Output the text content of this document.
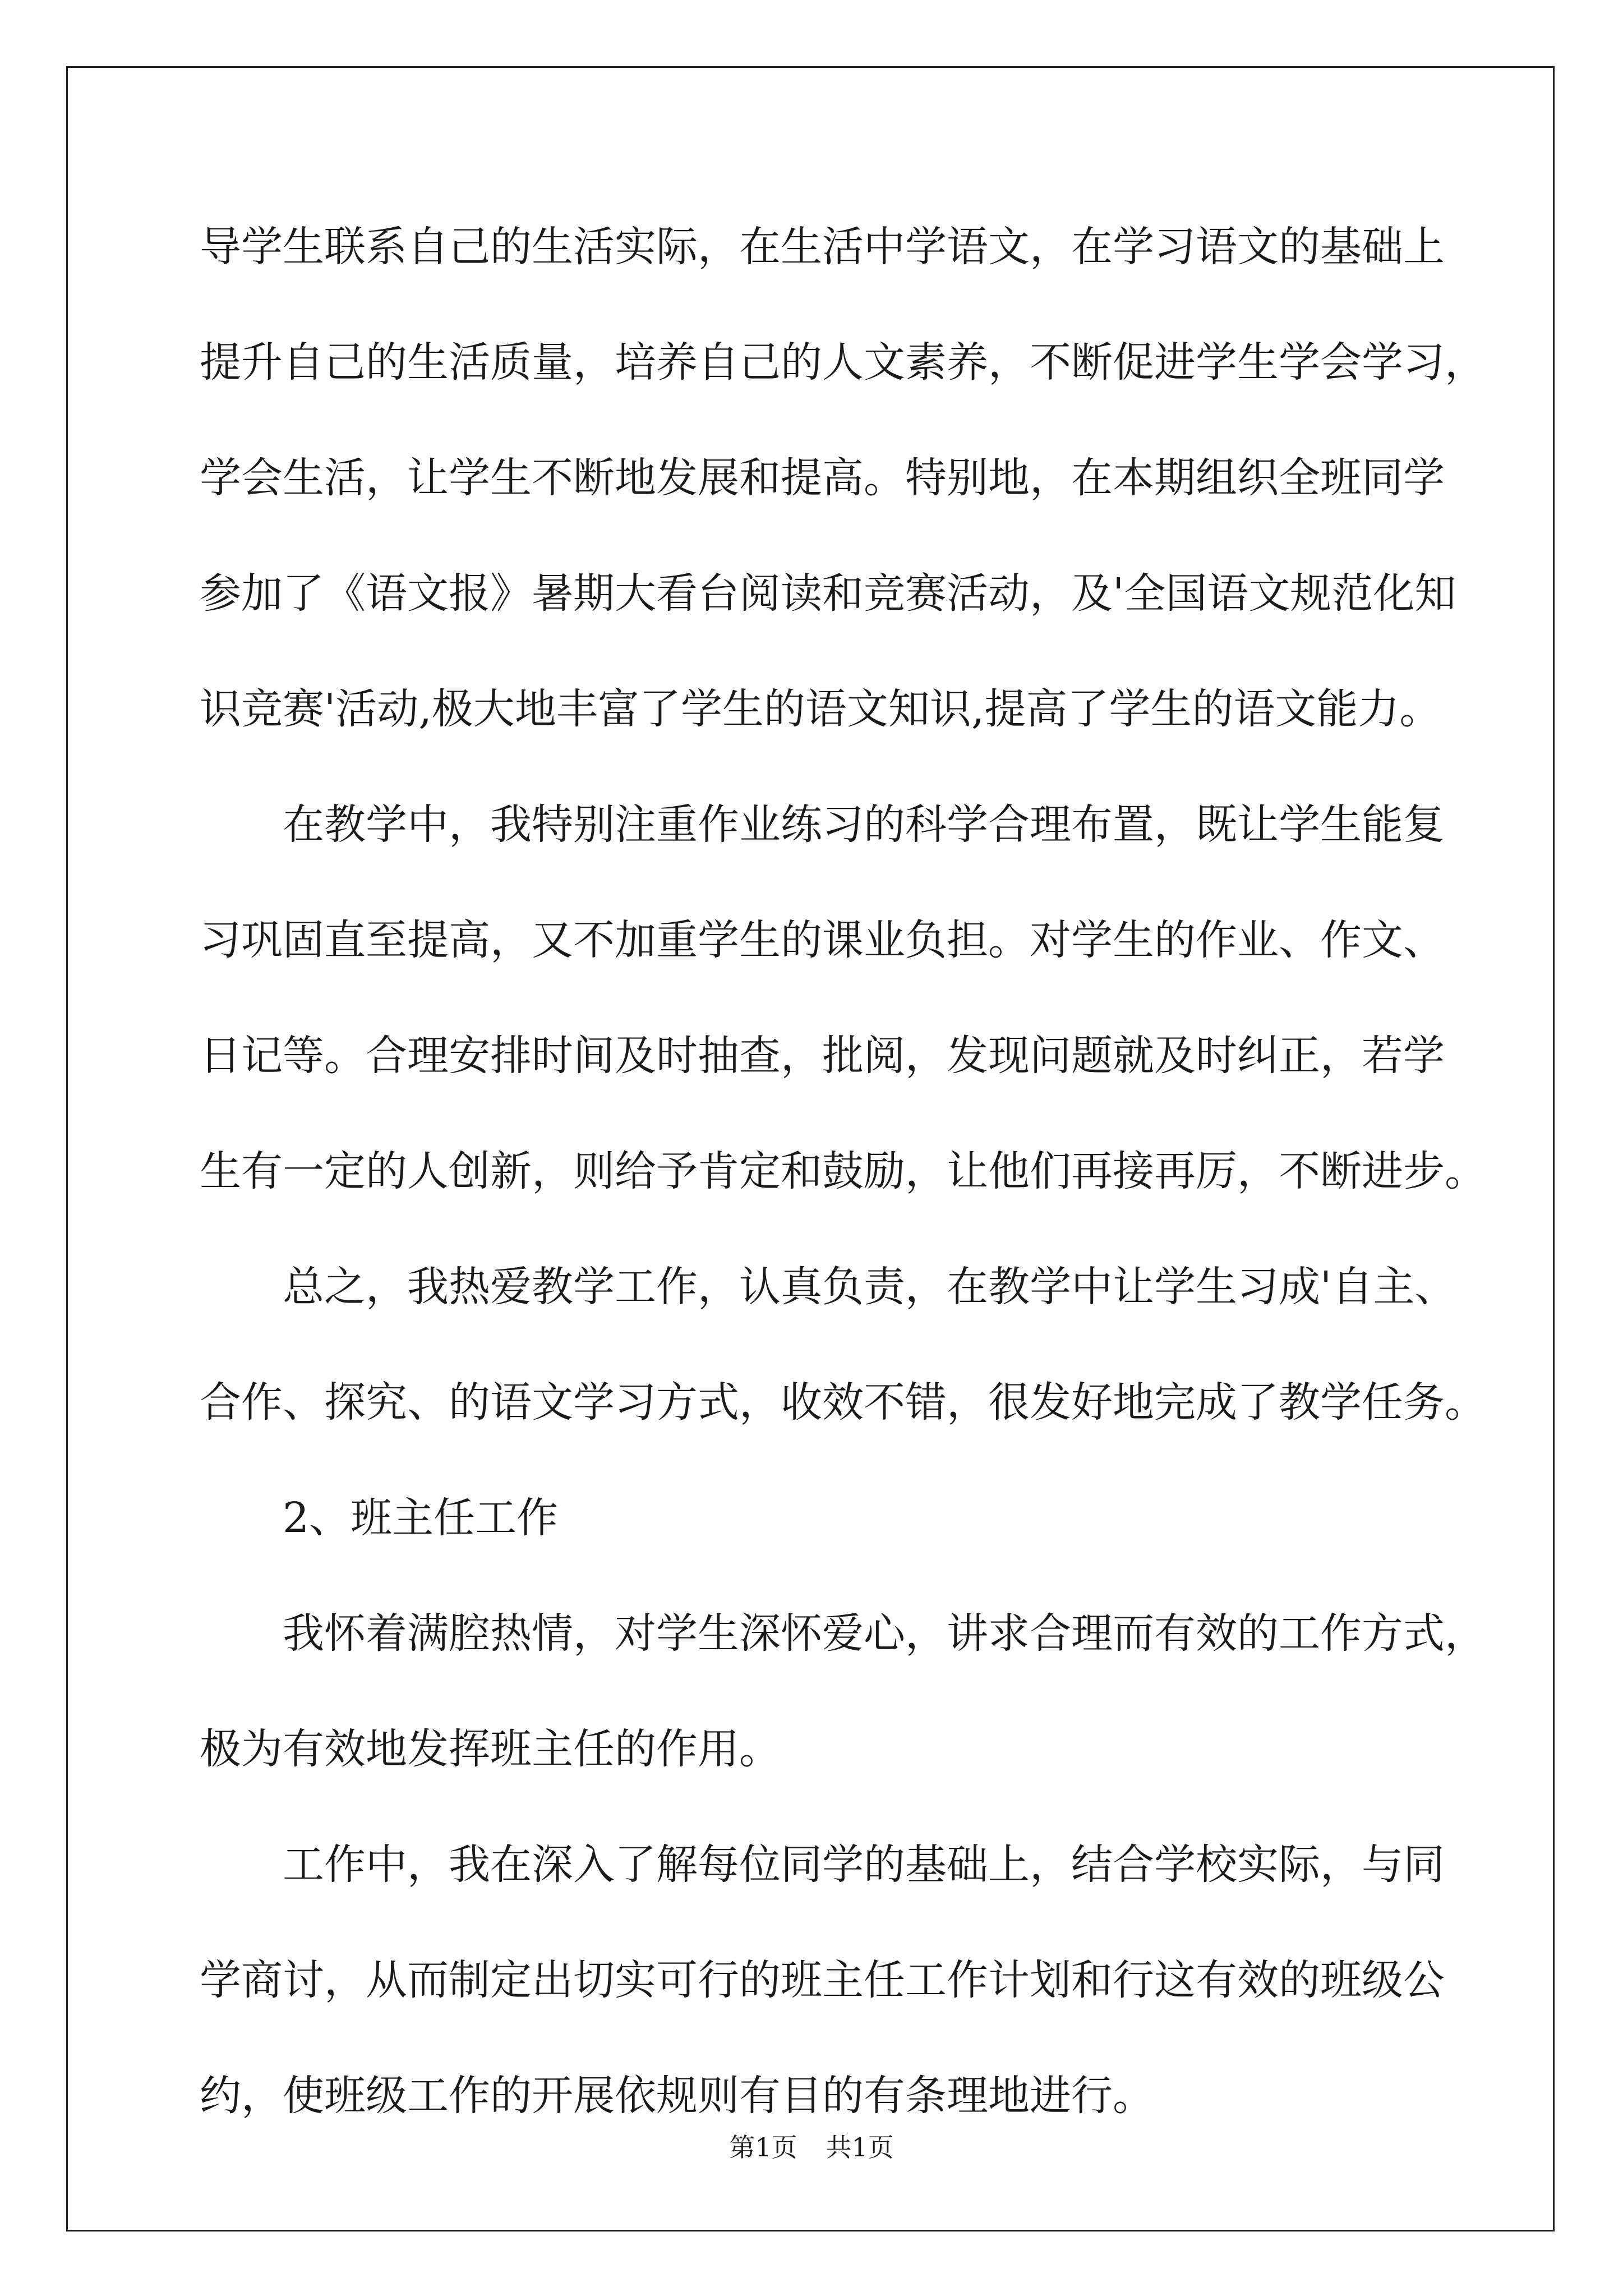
导学生联系自己的生活实际，在生活中学语文，在学习语文的基础上
提升自己的生活质量，培养自己的人文素养，不断促进学生学会学习，
学会生活，让学生不断地发展和提高。特别地，在本期组织全班同学
参加了《语文报》暑期大看台阅读和竞赛活动，及'全国语文规范化知
识竞赛'活动,极大地丰富了学生的语文知识,提高了学生的语文能力。
　　在教学中，我特别注重作业练习的科学合理布置，既让学生能复
习巩固直至提高，又不加重学生的课业负担。对学生的作业、作文、
日记等。合理安排时间及时抽查，批阅，发现问题就及时纠正，若学
生有一定的人创新，则给予肯定和鼓励，让他们再接再厉，不断进步。
　　总之，我热爱教学工作，认真负责，在教学中让学生习成'自主、
合作、探究、的语文学习方式，收效不错，很发好地完成了教学任务。
　　2、班主任工作
　　我怀着满腔热情，对学生深怀爱心，讲求合理而有效的工作方式，
极为有效地发挥班主任的作用。
　　工作中，我在深入了解每位同学的基础上，结合学校实际，与同
学商讨，从而制定出切实可行的班主任工作计划和行这有效的班级公
约，使班级工作的开展依规则有目的有条理地进行。
第1页 共1页
